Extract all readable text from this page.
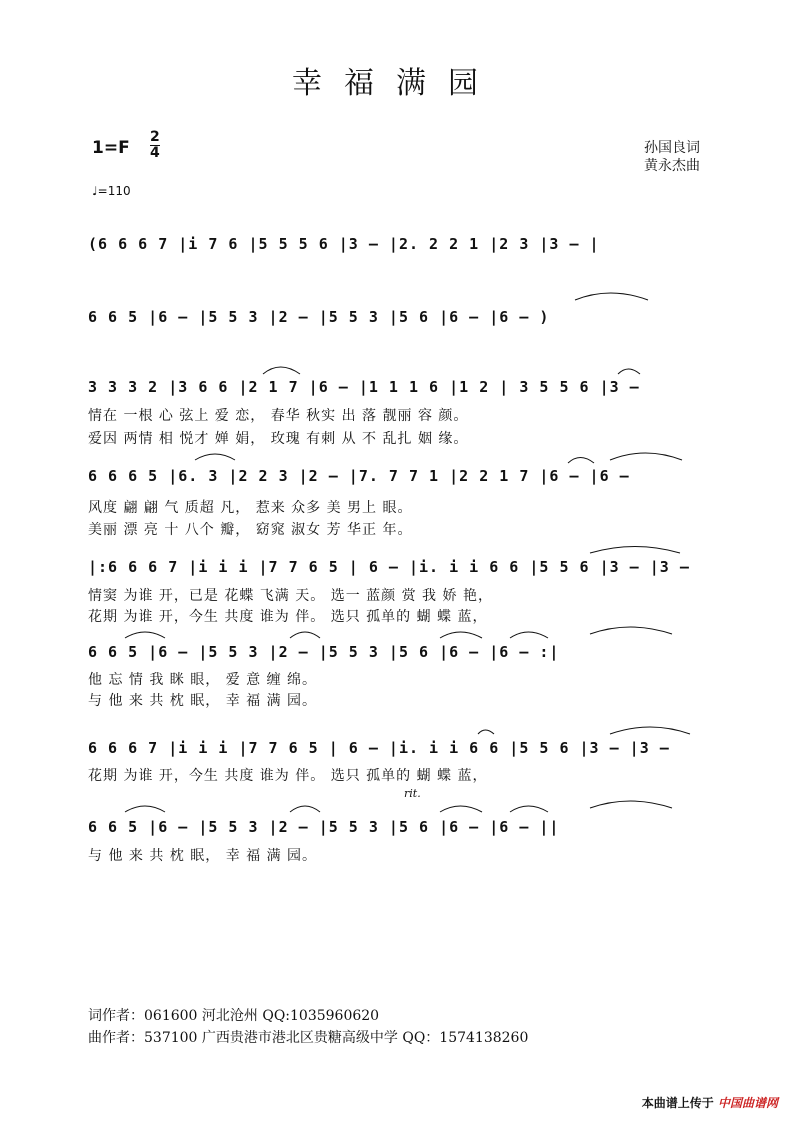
幸福满园
1=F
2
4
♩=110
孙国良词
黄永杰曲
(6 6 6 7 |i 7 6 |5 5 5 6 |3 – |2. 2 2 1 |2 3 |3 – |
6 6 5 |6 – |5 5 3 |2 – |5 5 3 |5 6 |6 – |6 – )
3 3 3 2 |3 6 6 |2 1 7 |6 – |1 1 1 6 |1 2 | 3 5 5 6 |3 –
情在 一根 心 弦上 爱 恋， 春华 秋实 出 落 靓丽 容 颜。
爱因 两情 相 悦才 婵 娟， 玫瑰 有刺 从 不 乱扎 姻 缘。
6 6 6 5 |6. 3 |2 2 3 |2 – |7. 7 7 1 |2 2 1 7 |6 – |6 –
风度 翩 翩 气 质超 凡， 惹来 众多 美 男上 眼。
美丽 漂 亮 十 八个 瓣， 窈窕 淑女 芳 华正 年。
|:6 6 6 7 |i i i |7 7 6 5 | 6 – |i. i i 6 6 |5 5 6 |3 – |3 –
情窦 为谁 开，已是 花蝶 飞满 天。 选一 蓝颜 赏 我 娇 艳，
花期 为谁 开，今生 共度 谁为 伴。 选只 孤单的 蝴 蝶 蓝，
6 6 5 |6 – |5 5 3 |2 – |5 5 3 |5 6 |6 – |6 – :|
他 忘 情 我 眯 眼， 爱 意 缠 绵。
与 他 来 共 枕 眠， 幸 福 满 园。
6 6 6 7 |i i i |7 7 6 5 | 6 – |i. i i 6 6 |5 5 6 |3 – |3 –
花期 为谁 开，今生 共度 谁为 伴。 选只 孤单的 蝴 蝶 蓝，
rit.
6 6 5 |6 – |5 5 3 |2 – |5 5 3 |5 6 |6 – |6 – ||
与 他 来 共 枕 眠， 幸 福 满 园。
词作者：061600 河北沧州 QQ:1035960620
曲作者：537100 广西贵港市港北区贵糖高级中学 QQ：1574138260
本曲谱上传于 中国曲谱网
